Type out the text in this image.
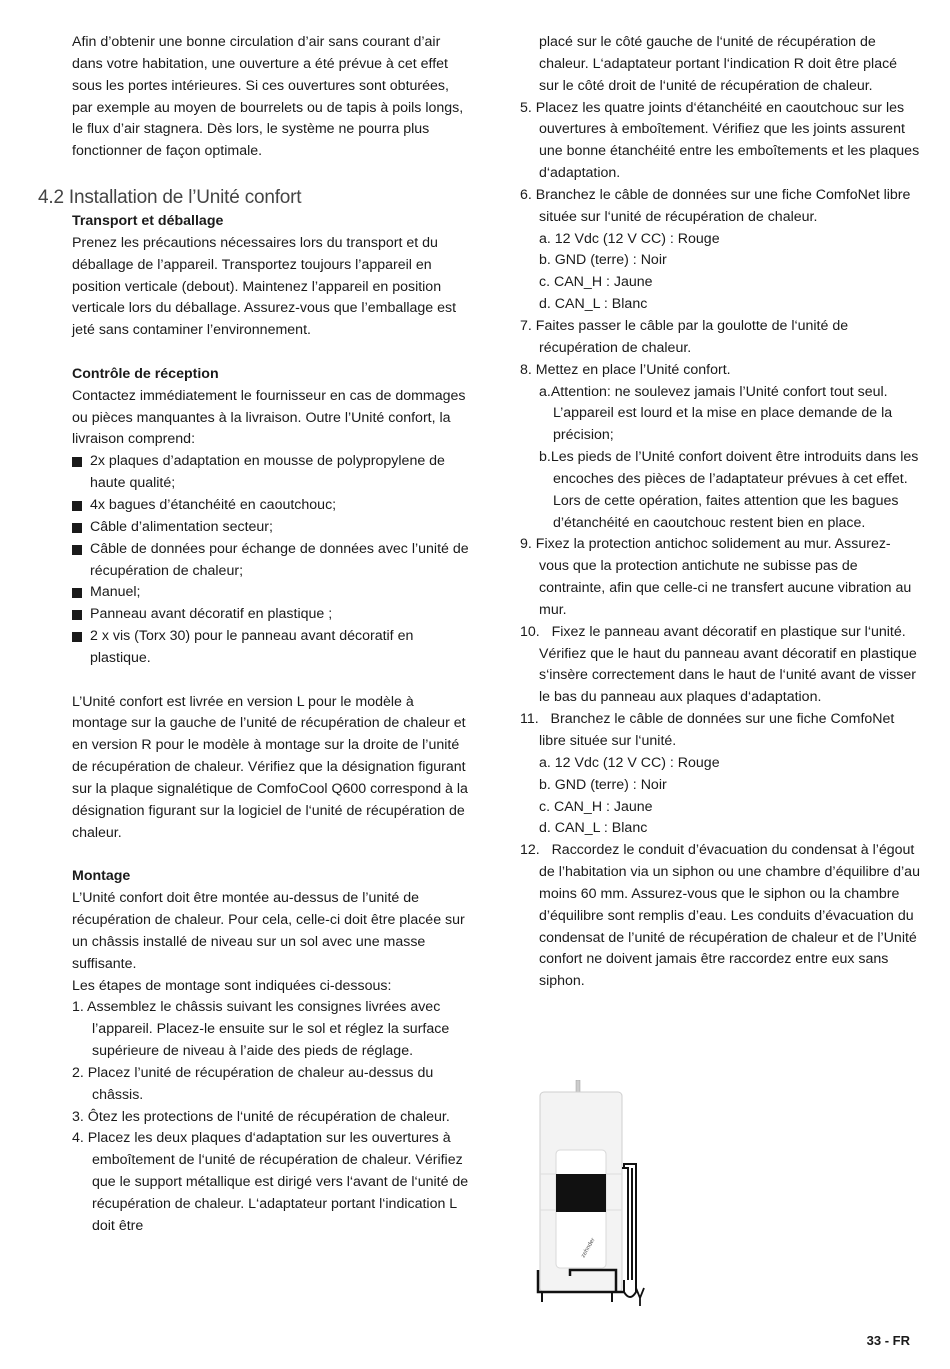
Afin d’obtenir une bonne circulation d’air sans courant d’air dans votre habitation, une ouverture a été prévue à cet effet sous les portes intérieures. Si ces ouvertures sont obturées, par exemple au moyen de bourrelets ou de tapis à poils longs, le flux d’air stagnera. Dès lors, le système ne pourra plus fonctionner de façon optimale.

4.2 Installation de l’Unité confort

Transport et déballage

Prenez les précautions nécessaires lors du transport et du déballage de l’appareil. Transportez toujours l’appareil en position verticale (debout). Maintenez l’appareil en position verticale lors du déballage. Assurez-vous que l’emballage est jeté sans contaminer l’environnement.

Contrôle de réception

Contactez immédiatement le fournisseur en cas de dommages ou pièces manquantes à la livraison. Outre l’Unité confort, la livraison comprend:

2x plaques d’adaptation en mousse de polypropylene de haute qualité;

4x bagues d’étanchéité en caoutchouc;

Câble d’alimentation secteur;

Câble de données pour échange de données avec l’unité de récupération de chaleur;

Manuel;

Panneau avant décoratif en plastique ;

2 x vis (Torx 30) pour le panneau avant décoratif en plastique.

L’Unité confort est livrée en version L pour le modèle à montage sur la gauche de l’unité de récupération de chaleur et en version R pour le modèle à montage sur la droite de l’unité de récupération de chaleur. Vérifiez que la désignation figurant sur la plaque signalétique de ComfoCool Q600 correspond à la désignation figurant sur la logiciel de l‘unité de récupération de chaleur.

Montage

L’Unité confort doit être montée au-dessus de l’unité de récupération de chaleur. Pour cela, celle-ci doit être placée sur un châssis installé de niveau sur un sol avec une masse suffisante.

Les étapes de montage sont indiquées ci-dessous:

1. Assemblez le châssis suivant les consignes livrées avec l’appareil. Placez-le ensuite sur le sol et réglez la surface supérieure de niveau à l’aide des pieds de réglage.

2. Placez l’unité de récupération de chaleur au-dessus du châssis.

3. Ôtez les protections de l‘unité de récupération de chaleur.

4. Placez les deux plaques d‘adaptation sur les ouvertures à emboîtement de l‘unité de récupération de chaleur. Vérifiez que le support métallique est dirigé vers l‘avant de l‘unité de récupération de chaleur. L‘adaptateur portant l‘indication L doit être

placé sur le côté gauche de l‘unité de récupération de chaleur. L‘adaptateur portant l‘indication R doit être placé sur le côté droit de l‘unité de récupération de chaleur.

5. Placez les quatre joints d‘étanchéité en caoutchouc sur les ouvertures à emboîtement. Vérifiez que les joints assurent une bonne étanchéité entre les emboîtements et les plaques d‘adaptation.

6. Branchez le câble de données sur une fiche ComfoNet libre située sur l‘unité de récupération de chaleur.

a. 12 Vdc (12 V CC) : Rouge

b. GND (terre) : Noir

c. CAN_H : Jaune

d. CAN_L : Blanc

7. Faites passer le câble par la goulotte de l‘unité de récupération de chaleur.

8. Mettez en place l’Unité confort.

a.Attention: ne soulevez jamais l’Unité confort tout seul. L’appareil est lourd et la mise en place demande de la précision;

b.Les pieds de l’Unité confort doivent être introduits dans les encoches des pièces de l’adaptateur prévues à cet effet. Lors de cette opération, faites attention que les bagues d’étanchéité en caoutchouc restent bien en place.

9. Fixez la protection antichoc solidement au mur. Assurez-vous que la protection antichute ne subisse pas de contrainte, afin que celle-ci ne transfert aucune vibration au mur.

10. Fixez le panneau avant décoratif en plastique sur l‘unité. Vérifiez que le haut du panneau avant décoratif en plastique s‘insère correctement dans le haut de l‘unité avant de visser le bas du panneau aux plaques d‘adaptation.

11. Branchez le câble de données sur une fiche ComfoNet libre située sur l‘unité.

a. 12 Vdc (12 V CC) : Rouge

b. GND (terre) : Noir

c. CAN_H : Jaune

d. CAN_L : Blanc

12. Raccordez le conduit d’évacuation du condensat à l’égout de l’habitation via un siphon ou une chambre d’équilibre d’au moins 60 mm. Assurez-vous que le siphon ou la chambre d’équilibre sont remplis d’eau. Les conduits d’évacuation du condensat de l’unité de récupération de chaleur et de l’Unité confort ne doivent jamais être raccordez entre eux sans siphon.

zehnder
33 - FR
